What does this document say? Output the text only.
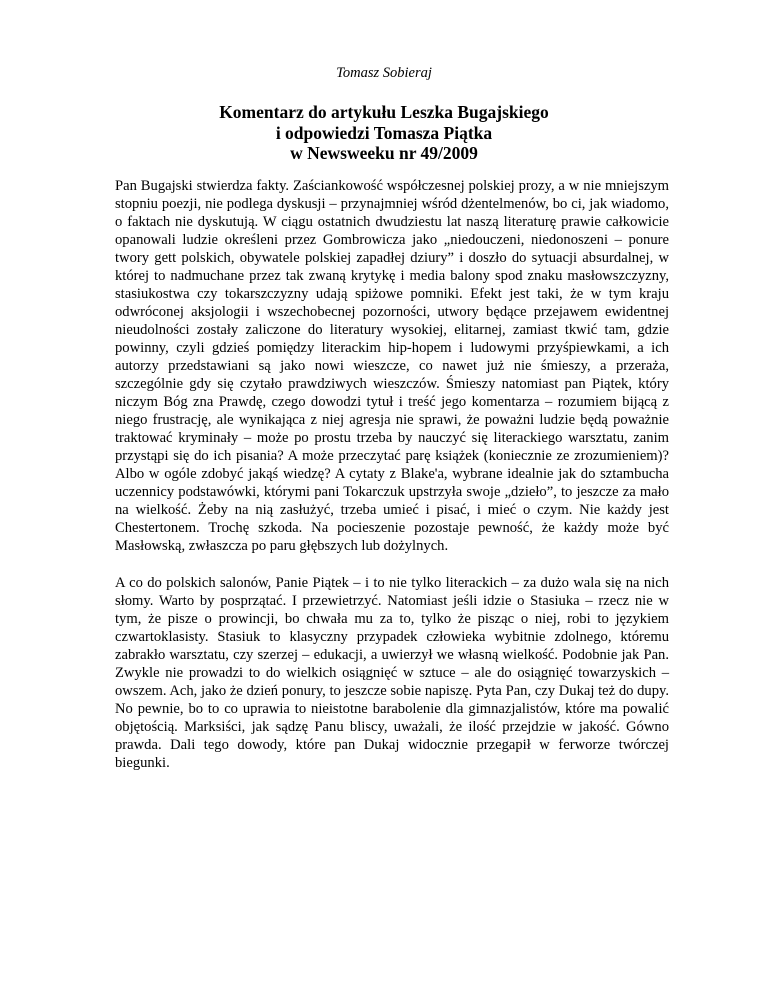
Tomasz Sobieraj
Komentarz do artykułu Leszka Bugajskiego
i odpowiedzi Tomasza Piątka
w Newsweeku nr 49/2009

Pan Bugajski stwierdza fakty. Zaściankowość współczesnej polskiej prozy, a w nie mniejszym stopniu poezji, nie podlega dyskusji – przynajmniej wśród dżentelmenów, bo ci, jak wiadomo, o faktach nie dyskutują. W ciągu ostatnich dwudziestu lat naszą literaturę prawie całkowicie opanowali ludzie określeni przez Gombrowicza jako „niedouczeni, niedonoszeni – ponure twory gett polskich, obywatele polskiej zapadłej dziury” i doszło do sytuacji absurdalnej, w której to nadmuchane przez tak zwaną krytykę i media balony spod znaku masłowszczyzny, stasiukostwa czy tokarszczyzny udają spiżowe pomniki. Efekt jest taki, że w tym kraju odwróconej aksjologii i wszechobecnej pozorności, utwory będące przejawem ewidentnej nieudolności zostały zaliczone do literatury wysokiej, elitarnej, zamiast tkwić tam, gdzie powinny, czyli gdzieś pomiędzy literackim hip-hopem i ludowymi przyśpiewkami, a ich autorzy przedstawiani są jako nowi wieszcze, co nawet już nie śmieszy, a przeraża, szczególnie gdy się czytało prawdziwych wieszczów. Śmieszy natomiast pan Piątek, który niczym Bóg zna Prawdę, czego dowodzi tytuł i treść jego komentarza – rozumiem bijącą z niego frustrację, ale wynikająca z niej agresja nie sprawi, że poważni ludzie będą poważnie traktować kryminały – może po prostu trzeba by nauczyć się literackiego warsztatu, zanim przystąpi się do ich pisania? A może przeczytać parę książek (koniecznie ze zrozumieniem)? Albo w ogóle zdobyć jakąś wiedzę? A cytaty z Blake'a, wybrane idealnie jak do sztambucha uczennicy podstawówki, którymi pani Tokarczuk upstrzyła swoje „dzieło”, to jeszcze za mało na wielkość. Żeby na nią zasłużyć, trzeba umieć i pisać, i mieć o czym. Nie każdy jest Chestertonem. Trochę szkoda. Na pocieszenie pozostaje pewność, że każdy może być Masłowską, zwłaszcza po paru głębszych lub dożylnych.

A co do polskich salonów, Panie Piątek – i to nie tylko literackich – za dużo wala się na nich słomy. Warto by posprzątać. I przewietrzyć. Natomiast jeśli idzie o Stasiuka – rzecz nie w tym, że pisze o prowincji, bo chwała mu za to, tylko że pisząc o niej, robi to językiem czwartoklasisty. Stasiuk to klasyczny przypadek człowieka wybitnie zdolnego, któremu zabrakło warsztatu, czy szerzej – edukacji, a uwierzył we własną wielkość. Podobnie jak Pan. Zwykle nie prowadzi to do wielkich osiągnięć w sztuce – ale do osiągnięć towarzyskich – owszem. Ach, jako że dzień ponury, to jeszcze sobie napiszę. Pyta Pan, czy Dukaj też do dupy. No pewnie, bo to co uprawia to nieistotne barabolenie dla gimnazjalistów, które ma powalić objętością. Marksiści, jak sądzę Panu bliscy, uważali, że ilość przejdzie w jakość. Gówno prawda. Dali tego dowody, które pan Dukaj widocznie przegapił w ferworze twórczej biegunki.
